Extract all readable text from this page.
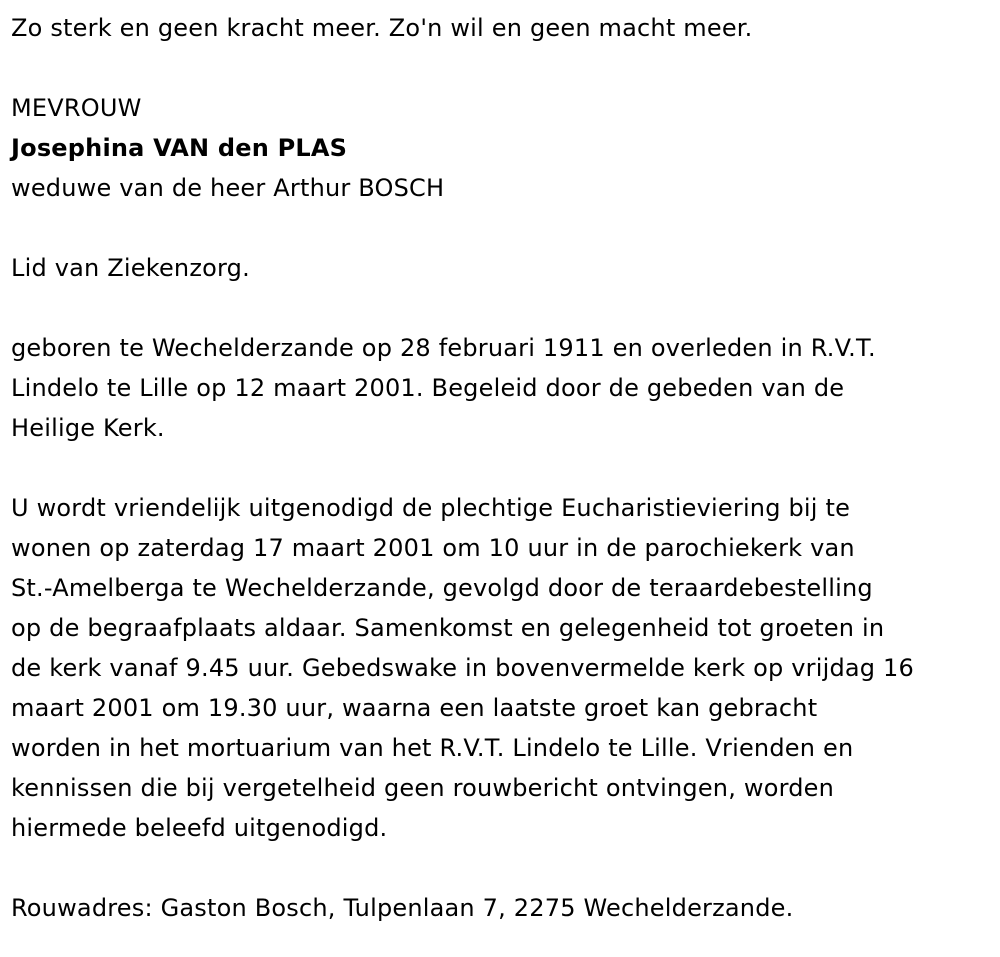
Zo sterk en geen kracht meer. Zo'n wil en geen macht meer.
MEVROUW
Josephina VAN den PLAS
weduwe van de heer Arthur BOSCH
Lid van Ziekenzorg.
geboren te Wechelderzande op 28 februari 1911 en overleden in R.V.T.
Lindelo te Lille op 12 maart 2001. Begeleid door de gebeden van de
Heilige Kerk.
U wordt vriendelijk uitgenodigd de plechtige Eucharistieviering bij te
wonen op zaterdag 17 maart 2001 om 10 uur in de parochiekerk van
St.-Amelberga te Wechelderzande, gevolgd door de teraardebestelling
op de begraafplaats aldaar. Samenkomst en gelegenheid tot groeten in
de kerk vanaf 9.45 uur. Gebedswake in bovenvermelde kerk op vrijdag 16
maart 2001 om 19.30 uur, waarna een laatste groet kan gebracht
worden in het mortuarium van het R.V.T. Lindelo te Lille. Vrienden en
kennissen die bij vergetelheid geen rouwbericht ontvingen, worden
hiermede beleefd uitgenodigd.
Rouwadres: Gaston Bosch, Tulpenlaan 7, 2275 Wechelderzande.
